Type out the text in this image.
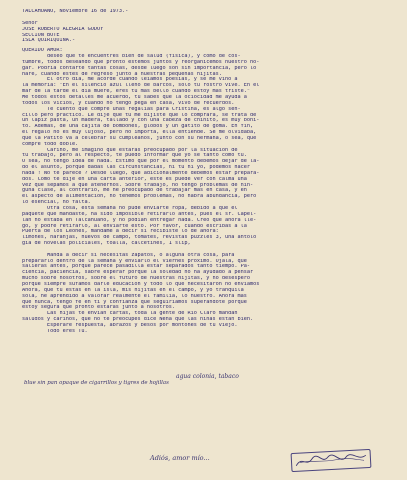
TALCAHUANO, Noviembre 16 de 1973.-
Señor
JOSE ROBERTO ALEGRIA GODOY
SECCION BOTE
ISLA QUIRIQUINA.-
QUERIDO AMOR:
deseo que te encuentres bien de salud (física), y como de cos-
tumbre, todos deseando que pronto estemos juntos y reorganicemos nuestro ho-
gar. Podría contarte tantas cosas, desde luego son sin importancia, pero lo
haré, cuando estés de regreso junto a nuestras pequeñas hijitas.
El otro día, me acordé cuando leíamos poesías, y se me vino a
la memoria: "En el silencio azul lleno de barcos, sólo tu rostro vive. En el
mar de la tarde el día muere, eres tú más bello cuando estoy más triste."
Me todos estos detalles me acuerdo, tú sabes que la ociocidad me ayuda a
todos los vicios, y cuando no tengo pega en casa, vivo de recuerdos.
Te cuento que compré unas regalías para Cristina, es algo sen-
cillo pero práctico. Le dije que tú me dijiste que lo comprara, se trata de
un lápiz pasta, un madera, tallado y con una cabeza de chinito, es muy boni-
to. Además, de una cajita de bombones, globos y un gatito de goma. En fin,
el regalo no es muy lujoso, pero no importa, ella entiende. Se me olvidaba,
que la Patito va a celebrar su cumpleaños, junto con su hermana, o sea, que
compré todo doble.
Cariño, me imagino que estarás preocupado por la situación de
tu trabajo, pero al respecto, te puedo informar que yo sé tanto como tú.
O sea, no tengo idea de nada. Estimo que por el momento debemos dejar de la-
do el asunto, porque dadas las circunstancias, ni tú ni yo, podemos hacer
nada ! No te parece ? Desde luego, que adicionalmente debemos estar prepara-
dos. Como te dije en una carta anterior, este es puede ver con calma una
vez que sepamos a qué atenernos. Sobre trabajo, no tengo problemas de nin-
guna clase, al contrario, me he preocupado de trabajar más en casa, y en
el aspecto de alimentación, no tenemos problemas, no habrá abundancia, pero
lo esencial, no falta.
Otra cosa, esta semana no pude enviarte ropa, debido a que el
paquete que mandaste, ha sido imposible retirarlo antes, pues el sr. Capel-
lán no estaba en Talcahuano, y no podían entregar nada. Creo que ahora lle-
gó, y podré retirarlo, al enviarte esto. Por favor, cuando escribas a la
Puerta de los Leones, mandame a decir si recibiste lo de ahora:
limones, naranjas, huevos de campo, tomates, revistas puzzles 3, una antolo
gía de novelas policiales, toalla, calcetines, 1 slip,
Manda a decir si necesitas zapatos, o alguna otra cosa, para
prepararlo dentro de la semana y enviarlo el viernes próximo. Ojalá, que
salieras antes, porque parece pasadilla estar separados tanto tiempo. Pa-
ciencia, paciencia, sabré esperar porque la soledad no ha ayudado a pensar
mucho sobre nosotros, sobre el futuro de nuestras hijitas, y no desespero
porque siempre sufamos darle educación y todo lo que necesitaron no enviamos
Ahora, que tú estás en la isla, mis hijitas en el campo, y yo tranquila
sola, he aprendido a valorar realmente el familia, lo nuestro. Ahora más
que nunca, tengo fe en ti y confianza que seguiríamos superándote porque
estoy segura que pronto estarás junto a nosotros.
Las hijas te envían cartas, toda la gente de Río Claro mandan
saludos y cariños, que no te preocupes dice Nena que las niñas están bien.
Esperaré respuesta, abrazos y besos por montones de tu viejo.
Todo eres Tú.
agua colonia, tabaco
blue sin pan opaque de cigarrillos y tigres de hojillas
Adiós, amor mío...
